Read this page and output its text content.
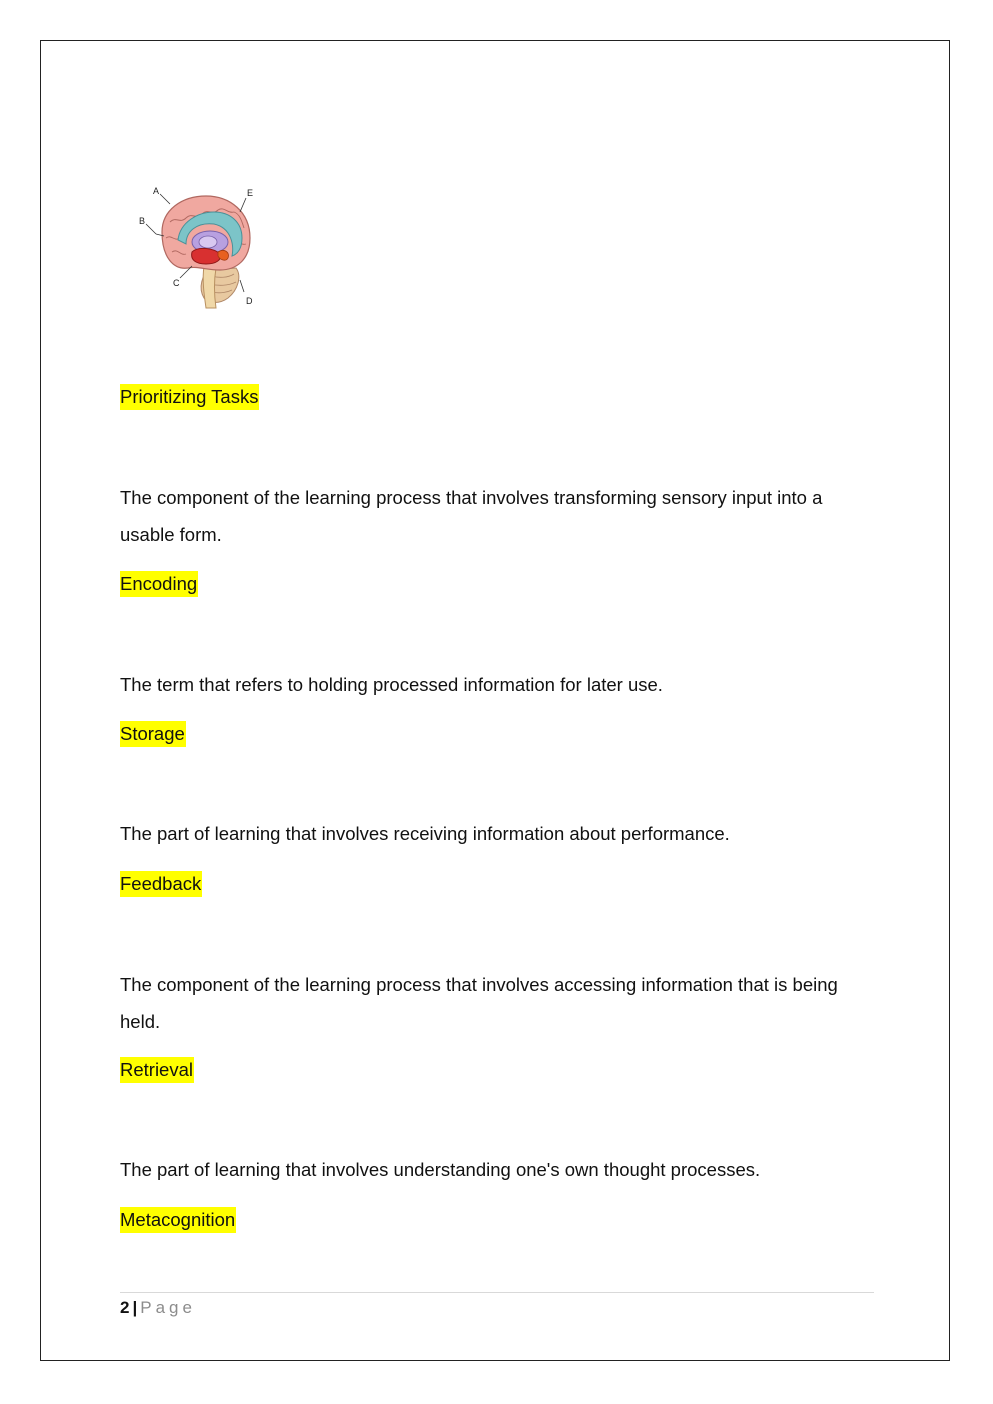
A
B
C
D
E
Prioritizing Tasks
The component of the learning process that involves transforming sensory input into a usable form.
Encoding
The term that refers to holding processed information for later use.
Storage
The part of learning that involves receiving information about performance.
Feedback
The component of the learning process that involves accessing information that is being held.
Retrieval
The part of learning that involves understanding one's own thought processes.
Metacognition
2 | Page
